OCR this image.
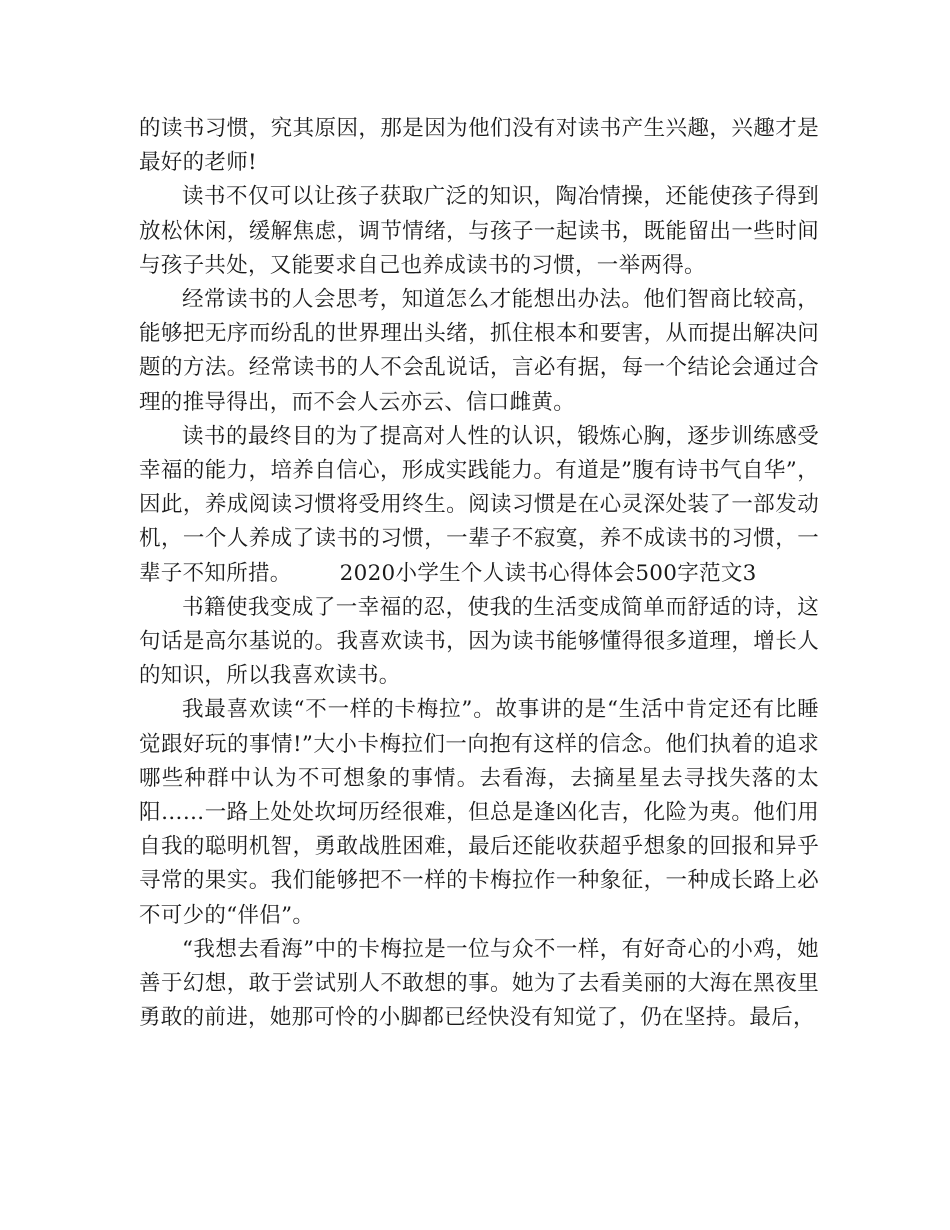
的读书习惯，究其原因，那是因为他们没有对读书产生兴趣，兴趣才是最好的老师!

读书不仅可以让孩子获取广泛的知识，陶冶情操，还能使孩子得到放松休闲，缓解焦虑，调节情绪，与孩子一起读书，既能留出一些时间与孩子共处，又能要求自己也养成读书的习惯，一举两得。

经常读书的人会思考，知道怎么才能想出办法。他们智商比较高，能够把无序而纷乱的世界理出头绪，抓住根本和要害，从而提出解决问题的方法。经常读书的人不会乱说话，言必有据，每一个结论会通过合理的推导得出，而不会人云亦云、信口雌黄。

读书的最终目的为了提高对人性的认识，锻炼心胸，逐步训练感受幸福的能力，培养自信心，形成实践能力。有道是”腹有诗书气自华”，因此，养成阅读习惯将受用终生。阅读习惯是在心灵深处装了一部发动机，一个人养成了读书的习惯，一辈子不寂寞，养不成读书的习惯，一辈子不知所措。 2020小学生个人读书心得体会500字范文3

书籍使我变成了一幸福的忍，使我的生活变成简单而舒适的诗，这句话是高尔基说的。我喜欢读书，因为读书能够懂得很多道理，增长人的知识，所以我喜欢读书。

我最喜欢读“不一样的卡梅拉”。故事讲的是“生活中肯定还有比睡觉跟好玩的事情!”大小卡梅拉们一向抱有这样的信念。他们执着的追求哪些种群中认为不可想象的事情。去看海，去摘星星去寻找失落的太阳……一路上处处坎坷历经很难，但总是逢凶化吉，化险为夷。他们用自我的聪明机智，勇敢战胜困难，最后还能收获超乎想象的回报和异乎寻常的果实。我们能够把不一样的卡梅拉作一种象征，一种成长路上必不可少的“伴侣”。

“我想去看海”中的卡梅拉是一位与众不一样，有好奇心的小鸡，她善于幻想，敢于尝试别人不敢想的事。她为了去看美丽的大海在黑夜里勇敢的前进，她那可怜的小脚都已经快没有知觉了，仍在坚持。最后，
